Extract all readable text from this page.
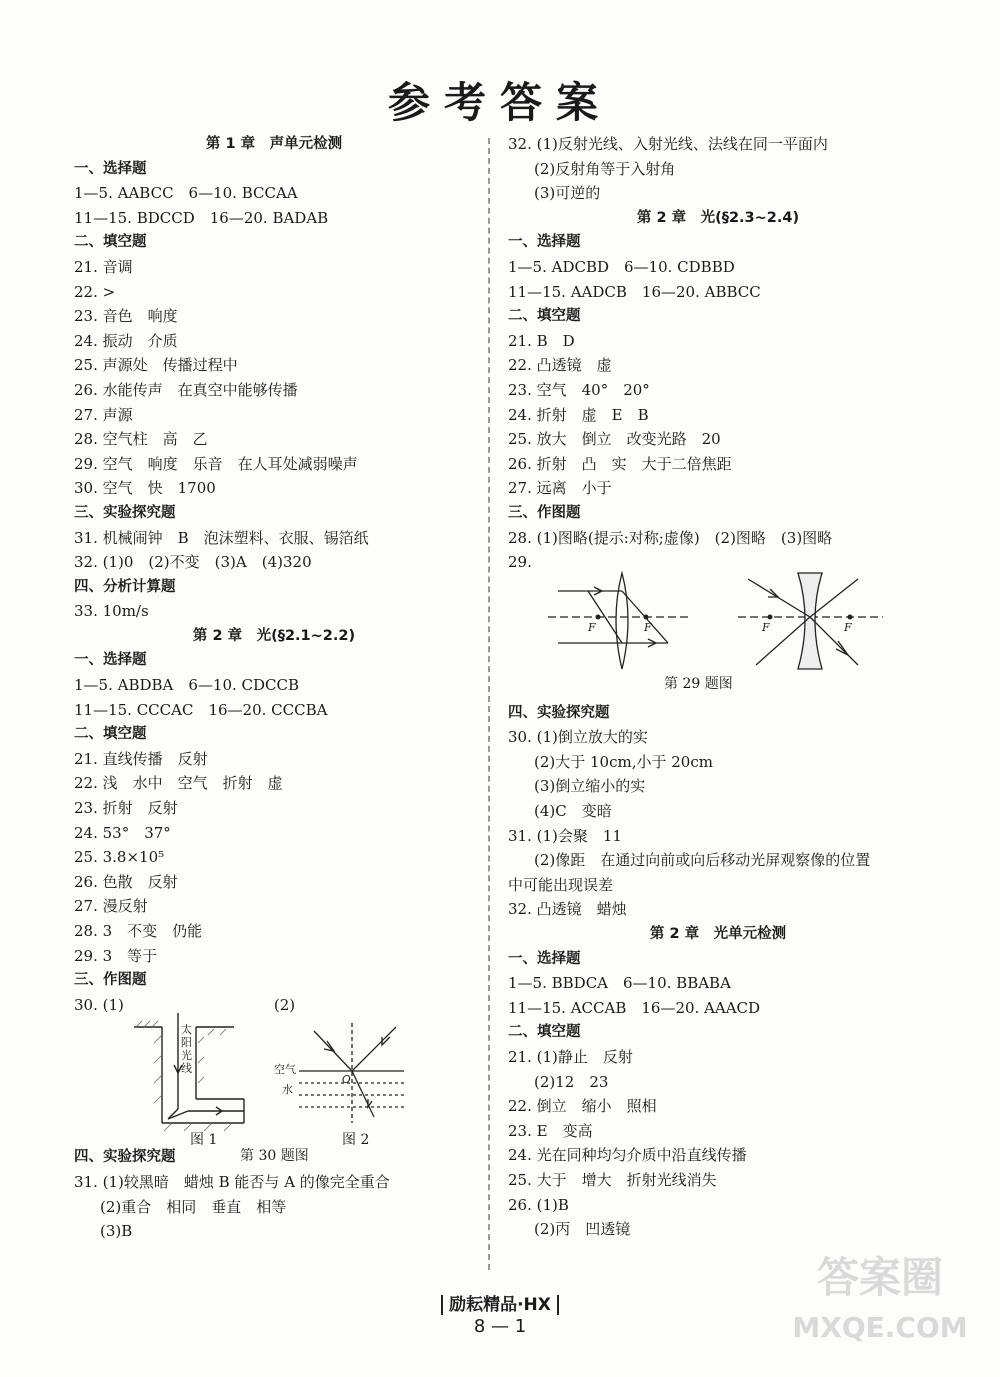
参考答案
第 1 章　声单元检测
一、选择题
1—5. AABCC　6—10. BCCAA
11—15. BDCCD　16—20. BADAB
二、填空题
21. 音调
22. >
23. 音色　响度
24. 振动　介质
25. 声源处　传播过程中
26. 水能传声　在真空中能够传播
27. 声源
28. 空气柱　高　乙
29. 空气　响度　乐音　在人耳处减弱噪声
30. 空气　快　1700
三、实验探究题
31. 机械闹钟　B　泡沫塑料、衣服、锡箔纸
32. (1)0　(2)不变　(3)A　(4)320
四、分析计算题
33. 10m/s
第 2 章　光(§2.1~2.2)
一、选择题
1—5. ABDBA　6—10. CDCCB
11—15. CCCAC　16—20. CCCBA
二、填空题
21. 直线传播　反射
22. 浅　水中　空气　折射　虚
23. 折射　反射
24. 53°　37°
25. 3.8×10⁵
26. 色散　反射
27. 漫反射
28. 3　不变　仍能
29. 3　等于
三、作图题
30. (1)　　　　　　　　　　(2)
太
阳
光
线	空气
水
O
图 1	图 2
第 30 题图
四、实验探究题
31. (1)较黑暗　蜡烛 B 能否与 A 的像完全重合
(2)重合　相同　垂直　相等
(3)B
32. (1)反射光线、入射光线、法线在同一平面内
(2)反射角等于入射角
(3)可逆的
第 2 章　光(§2.3~2.4)
一、选择题
1—5. ADCBD　6—10. CDBBD
11—15. AADCB　16—20. ABBCC
二、填空题
21. B　D
22. 凸透镜　虚
23. 空气　40°　20°
24. 折射　虚　E　B
25. 放大　倒立　改变光路　20
26. 折射　凸　实　大于二倍焦距
27. 远离　小于
三、作图题
28. (1)图略(提示:对称;虚像)　(2)图略　(3)图略
29.
F	F	F	F
第 29 题图
四、实验探究题
30. (1)倒立放大的实
(2)大于 10cm,小于 20cm
(3)倒立缩小的实
(4)C　变暗
31. (1)会聚　11
(2)像距　在通过向前或向后移动光屏观察像的位置
中可能出现误差
32. 凸透镜　蜡烛
第 2 章　光单元检测
一、选择题
1—5. BBDCA　6—10. BBABA
11—15. ACCAB　16—20. AAACD
二、填空题
21. (1)静止　反射
(2)12　23
22. 倒立　缩小　照相
23. E　变高
24. 光在同种均匀介质中沿直线传播
25. 大于　增大　折射光线消失
26. (1)B
(2)丙　凹透镜
励耘精品·HX
8 — 1
答案圈
MXQE.COM
